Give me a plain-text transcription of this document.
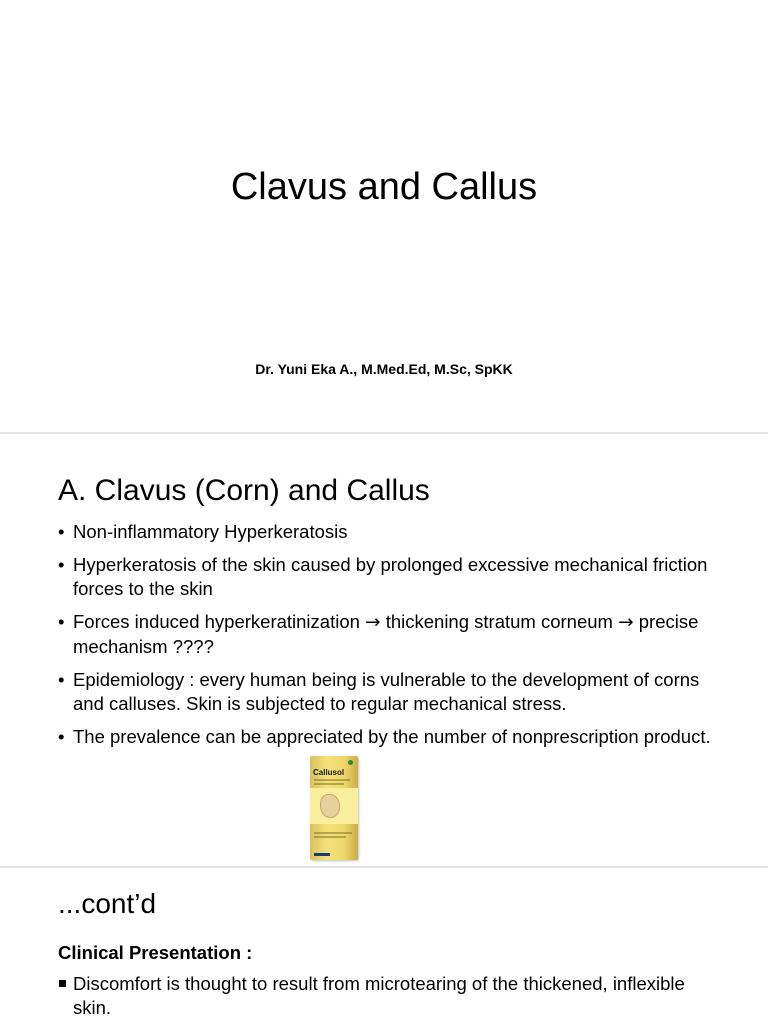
Clavus and Callus
Dr. Yuni Eka A., M.Med.Ed, M.Sc, SpKK
A. Clavus (Corn) and Callus
• Non-inflammatory Hyperkeratosis
• Hyperkeratosis of the skin caused by prolonged excessive mechanical friction forces to the skin
• Forces induced hyperkeratinization → thickening stratum corneum → precise mechanism ????
• Epidemiology : every human being is vulnerable to the development of corns and calluses. Skin is subjected to regular mechanical stress.
• The prevalence can be appreciated by the number of nonprescription product.
Callusol
...cont’d
Clinical Presentation :
Discomfort is thought to result from microtearing of the thickened, inflexible skin.
